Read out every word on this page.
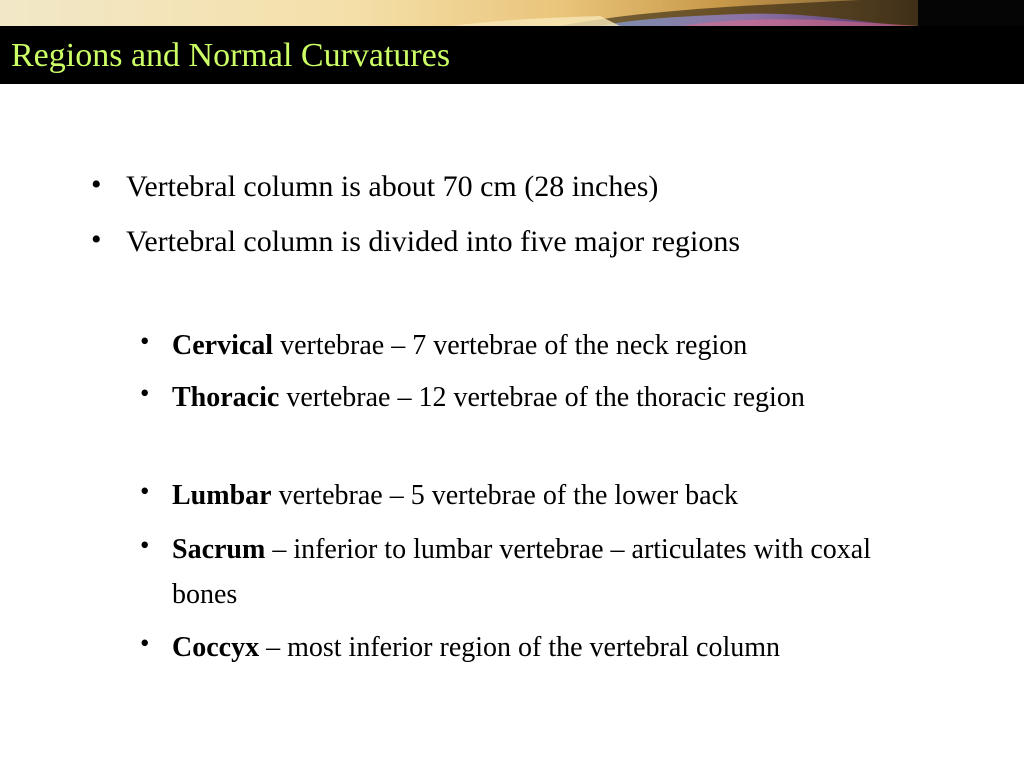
Regions and Normal Curvatures
• Vertebral column is about 70 cm (28 inches)
• Vertebral column is divided into five major regions
• Cervical vertebrae – 7 vertebrae of the neck region
• Thoracic vertebrae – 12 vertebrae of the thoracic region
• Lumbar vertebrae – 5 vertebrae of the lower back
• Sacrum – inferior to lumbar vertebrae – articulates with coxal bones
• Coccyx – most inferior region of the vertebral column
